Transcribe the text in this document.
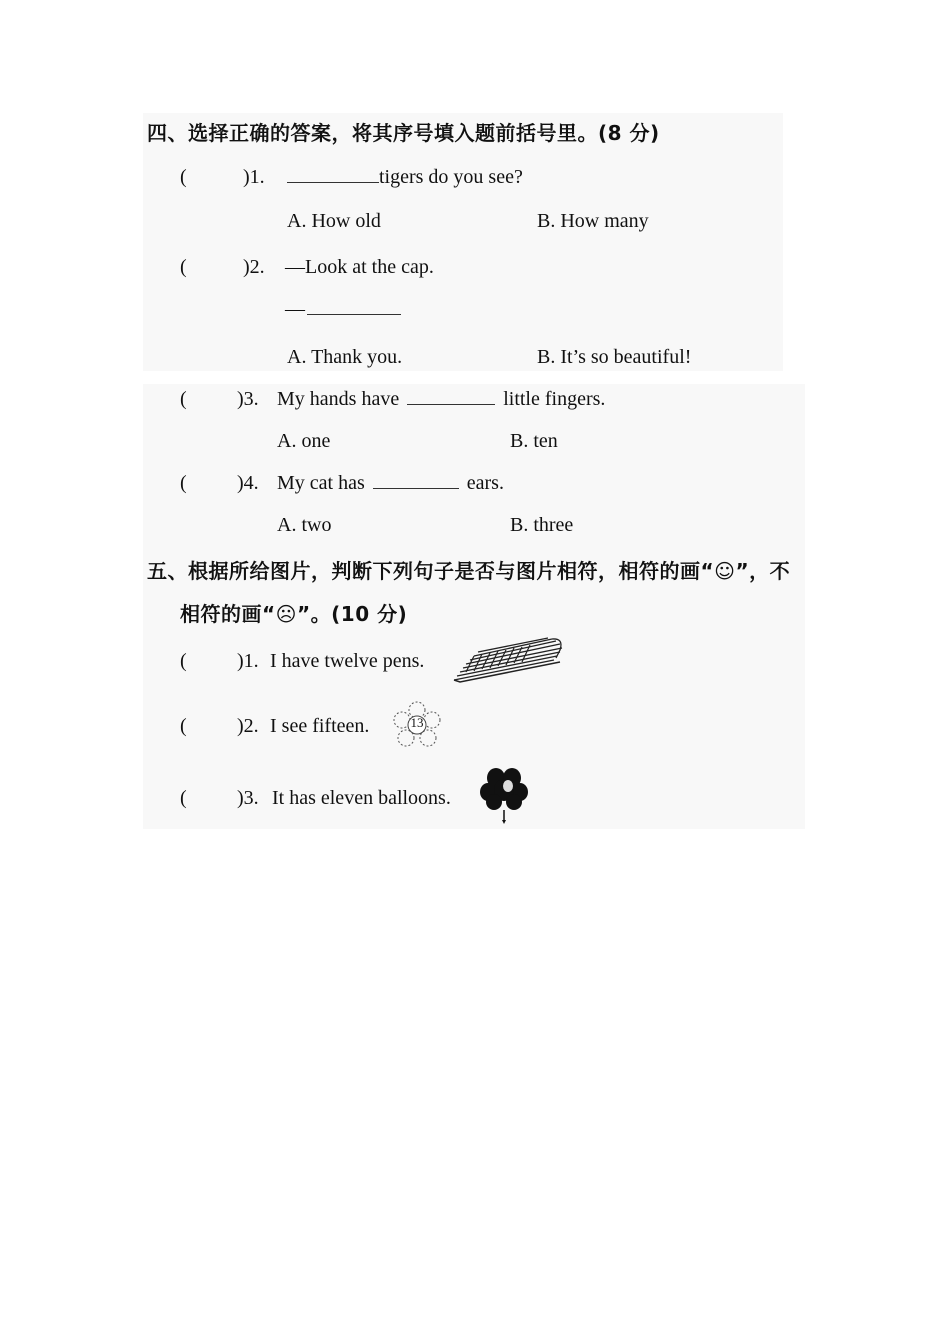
四、选择正确的答案，将其序号填入题前括号里。(8 分)
(	)1.	tigers do you see?
A. How old	B. How many
(	)2. —Look at the cap.
—
A. Thank you.	B. It’s so beautiful!
(	)3. My hands have	little fingers.
A. one	B. ten
(	)4. My cat has	ears.
A. two	B. three
五、根据所给图片，判断下列句子是否与图片相符，相符的画“☺”，不
相符的画“☹”。(10 分)
(	)1. I have twelve pens.
(	)2. I see fifteen.	13
(	)3. It has eleven balloons.
